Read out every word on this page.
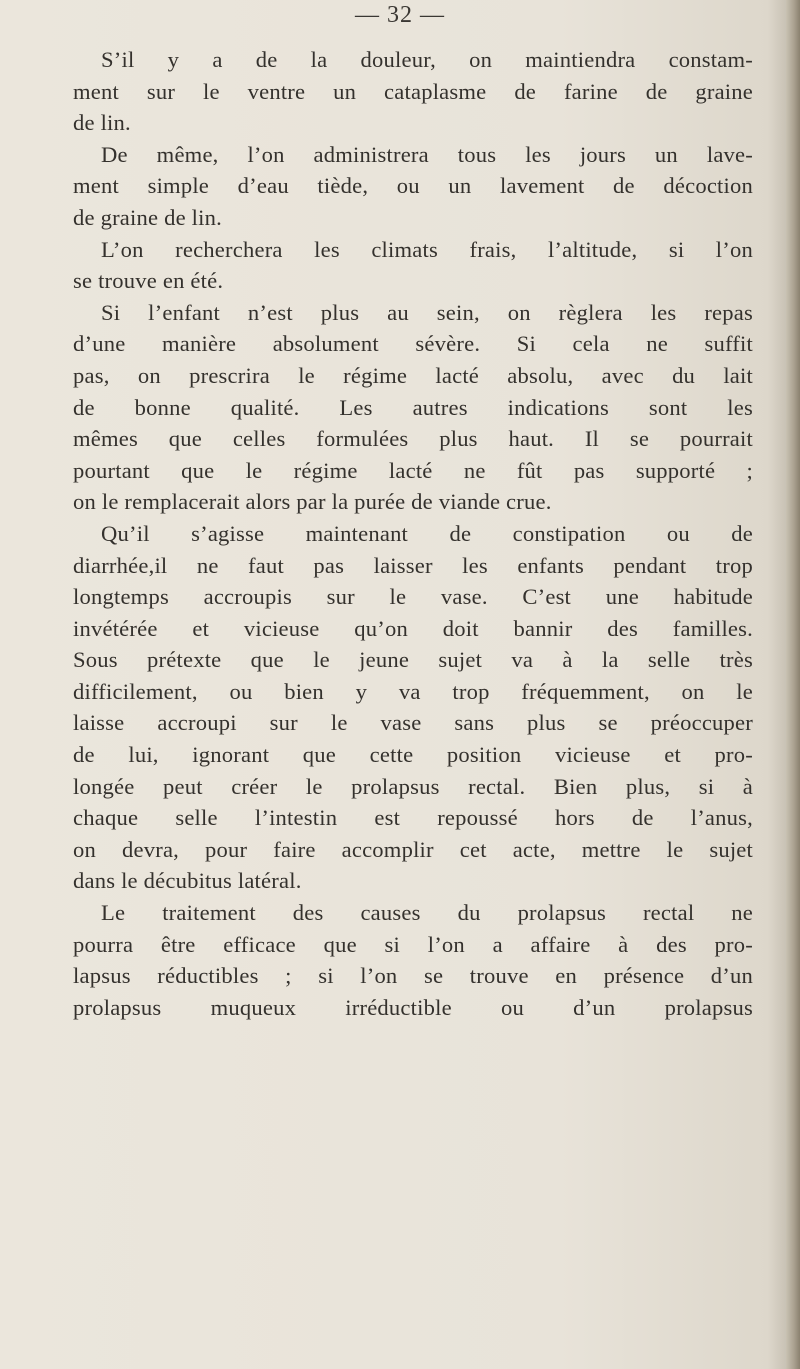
— 32 —

S’il y a de la douleur, on maintiendra constam-
ment sur le ventre un cataplasme de farine de graine
de lin.

De même, l’on administrera tous les jours un lave-
ment simple d’eau tiède, ou un lavement de décoction
de graine de lin.

L’on recherchera les climats frais, l’altitude, si l’on
se trouve en été.

Si l’enfant n’est plus au sein, on règlera les repas
d’une manière absolument sévère. Si cela ne suffit
pas, on prescrira le régime lacté absolu, avec du lait
de bonne qualité. Les autres indications sont les
mêmes que celles formulées plus haut. Il se pourrait
pourtant que le régime lacté ne fût pas supporté ;
on le remplacerait alors par la purée de viande crue.

Qu’il s’agisse maintenant de constipation ou de
diarrhée,il ne faut pas laisser les enfants pendant trop
longtemps accroupis sur le vase. C’est une habitude
invétérée et vicieuse qu’on doit bannir des familles.
Sous prétexte que le jeune sujet va à la selle très
difficilement, ou bien y va trop fréquemment, on le
laisse accroupi sur le vase sans plus se préoccuper
de lui, ignorant que cette position vicieuse et pro-
longée peut créer le prolapsus rectal. Bien plus, si à
chaque selle l’intestin est repoussé hors de l’anus,
on devra, pour faire accomplir cet acte, mettre le sujet
dans le décubitus latéral.

Le traitement des causes du prolapsus rectal ne
pourra être efficace que si l’on a affaire à des pro-
lapsus réductibles ; si l’on se trouve en présence d’un
prolapsus muqueux irréductible ou d’un prolapsus
